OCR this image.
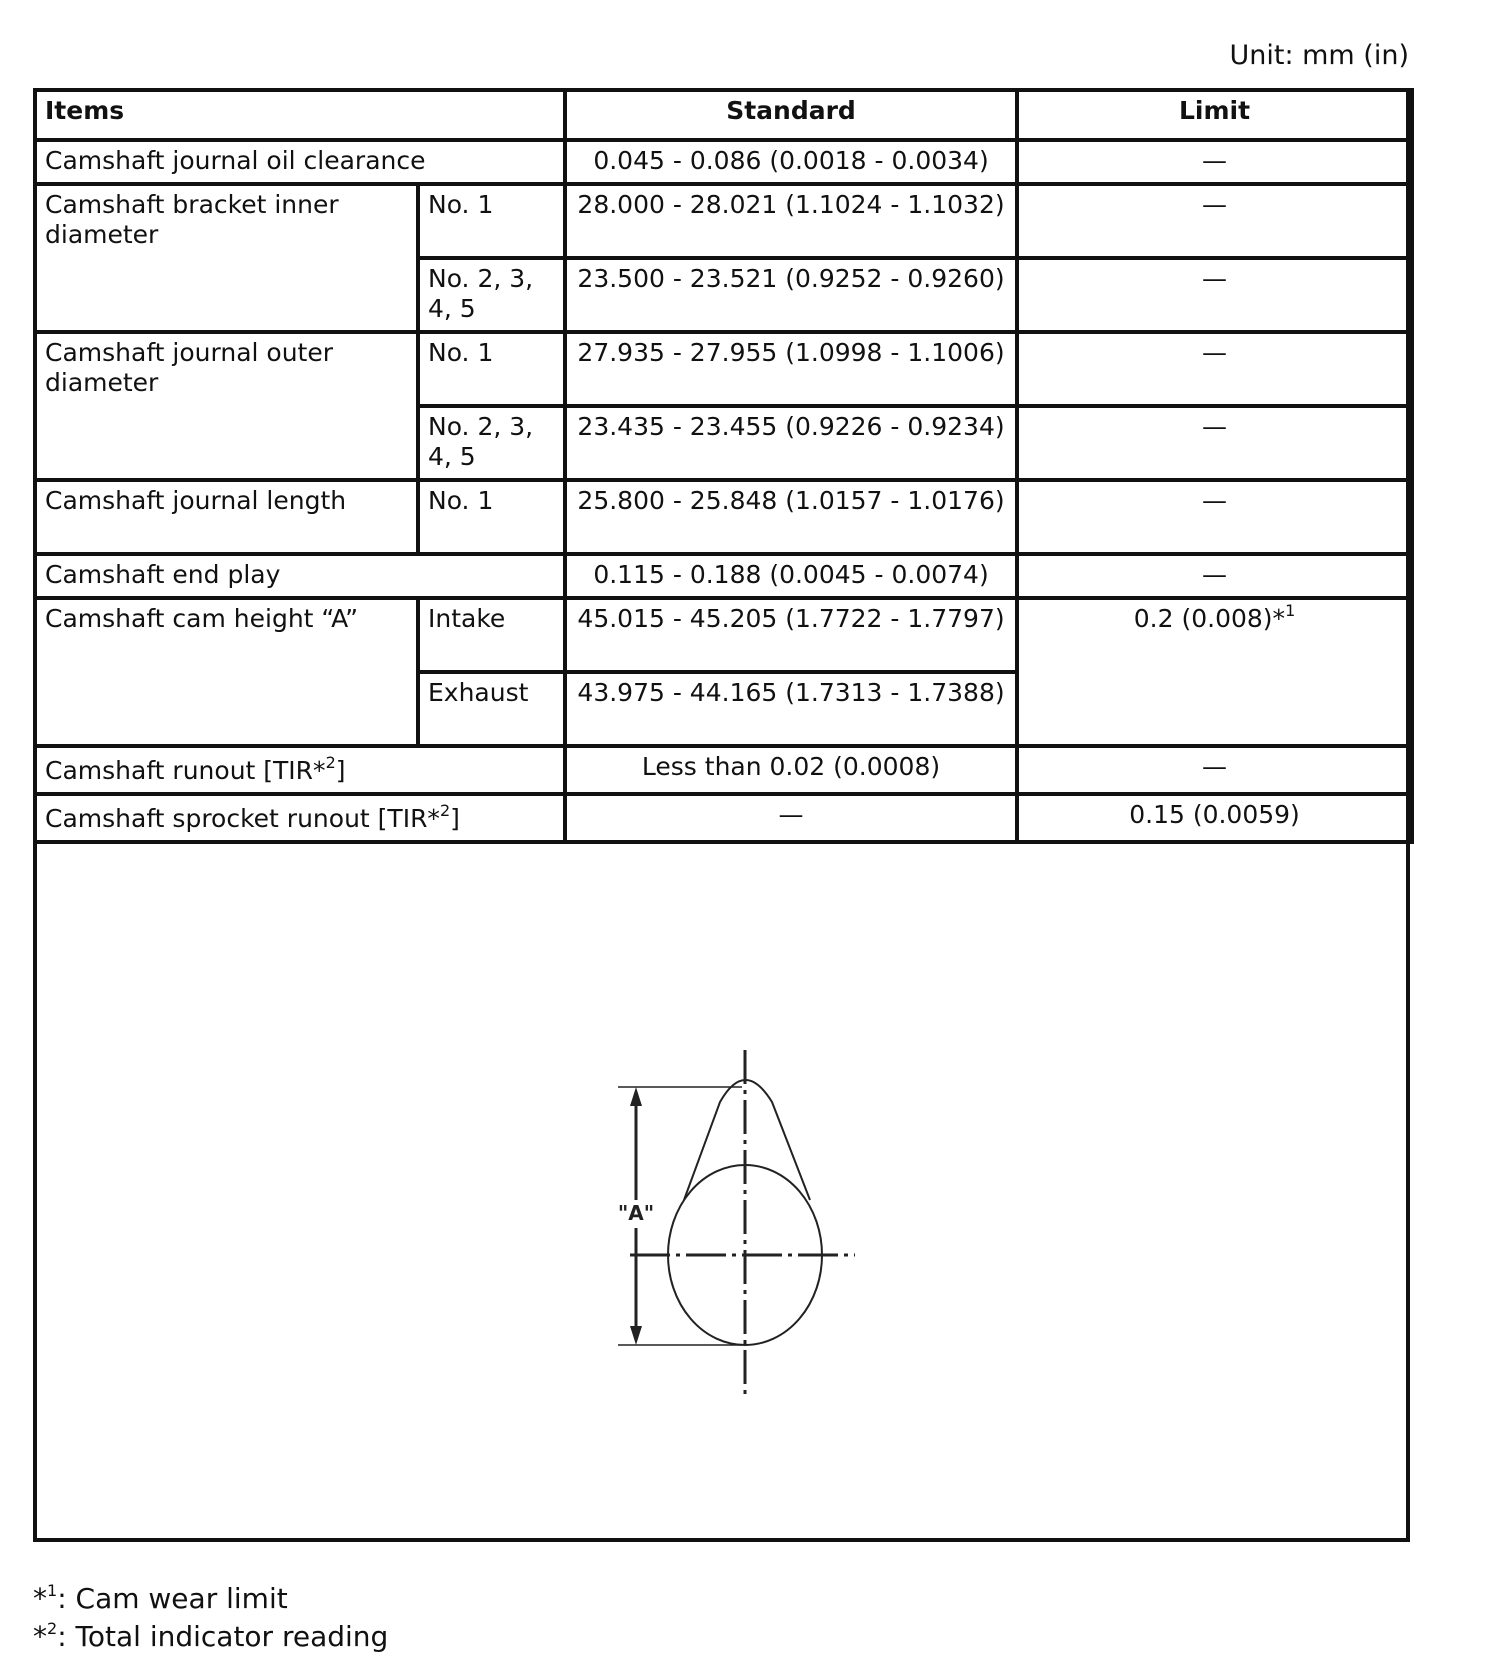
Unit: mm (in)
Items		Standard	Limit
Camshaft journal oil clearance		0.045 - 0.086 (0.0018 - 0.0034)	—
Camshaft bracket inner diameter	No. 1	28.000 - 28.021 (1.1024 - 1.1032)	—
	No. 2, 3, 4, 5	23.500 - 23.521 (0.9252 - 0.9260)	—
Camshaft journal outer diameter	No. 1	27.935 - 27.955 (1.0998 - 1.1006)	—
	No. 2, 3, 4, 5	23.435 - 23.455 (0.9226 - 0.9234)	—
Camshaft journal length	No. 1	25.800 - 25.848 (1.0157 - 1.0176)	—
Camshaft end play		0.115 - 0.188 (0.0045 - 0.0074)	—
Camshaft cam height “A”	Intake	45.015 - 45.205 (1.7722 - 1.7797)	0.2 (0.008)*$^1$
	Exhaust	43.975 - 44.165 (1.7313 - 1.7388)	
Camshaft runout [TIR*$^2$]		Less than 0.02 (0.0008)	—
Camshaft sprocket runout [TIR*$^2$]		—	0.15 (0.0059)
"A"
*$^1$: Cam wear limit
*$^2$: Total indicator reading
